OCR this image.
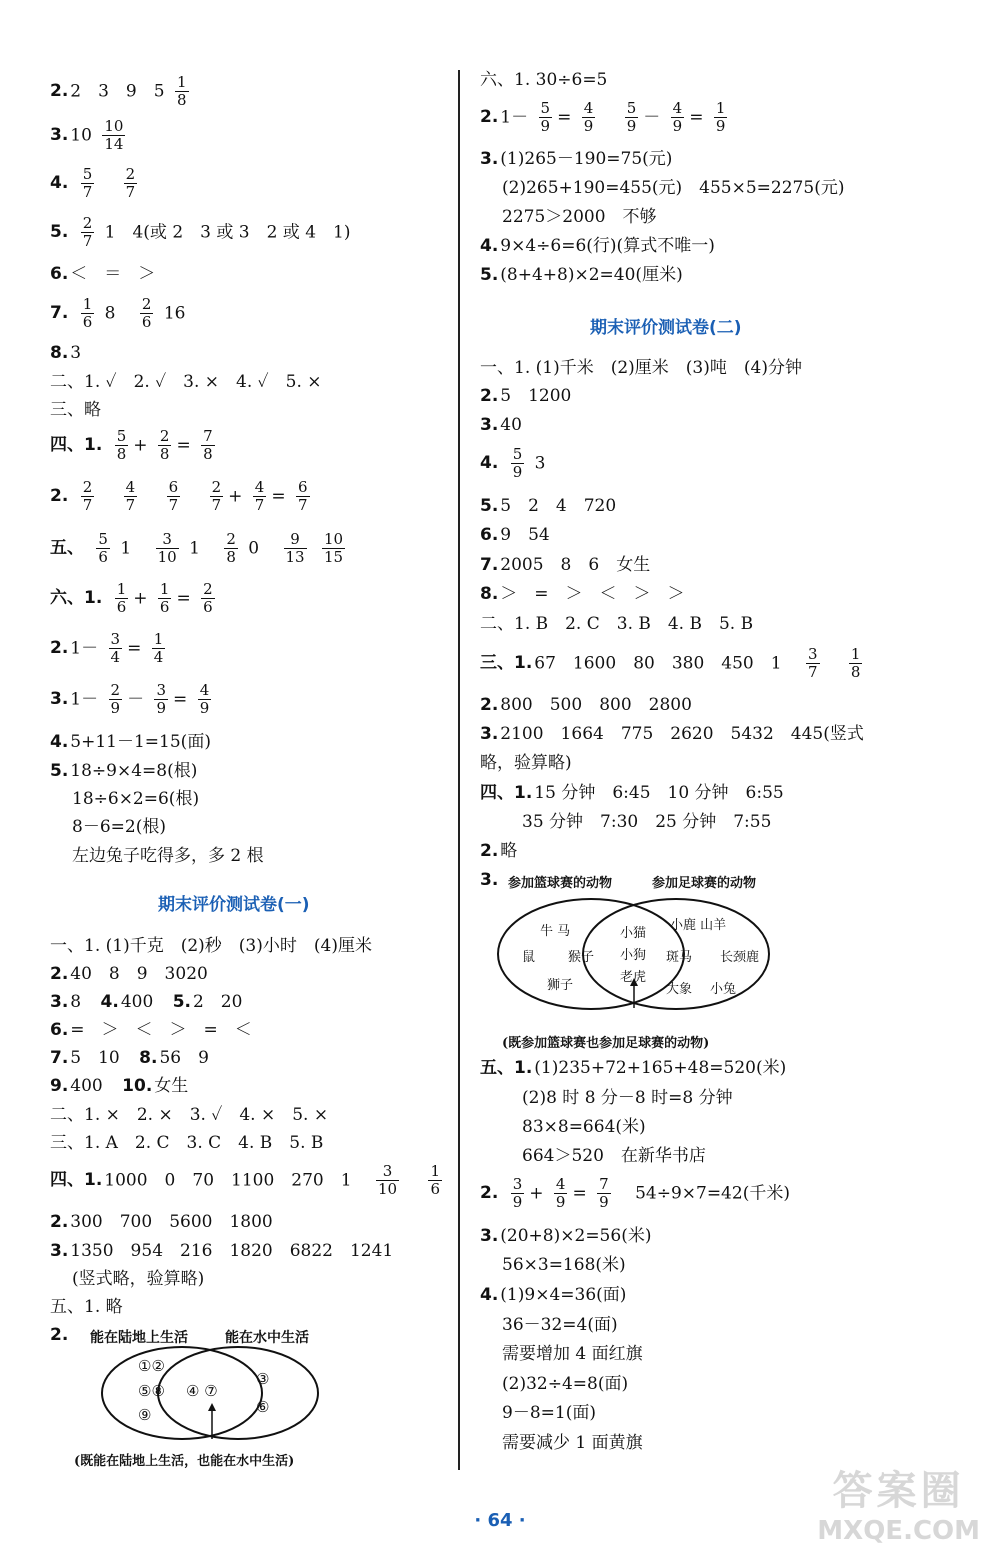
2. 2　3　9　$5 \frac{1}{8}$
3. $10 \frac{10}{14}$
4. $\frac{5}{7}$
$\frac{2}{7}$
5. $\frac{2}{7} 1$　4(或 2　3 或 3　2 或 4　1)
6. ＜　＝　＞
7. $\frac{1}{6} 8 \frac{2}{6} 16$
8. 3
二、1. ✓　2. ✓　3. ×　4. ✓　5. ×
三、略
四、1. $\frac{5}{8} + \frac{2}{8} = \frac{7}{8}$
2. $\frac{2}{7}$
$\frac{4}{7}$
$\frac{6}{7}$
$\frac{2}{7} + \frac{4}{7} = \frac{6}{7}$
五、 $\frac{5}{6} 1 \frac{3}{10} 1 \frac{2}{8} 0 \frac{9}{13}$
$\frac{10}{15}$
六、1. $\frac{1}{6} + \frac{1}{6} = \frac{2}{6}$
2. $1- \frac{3}{4} = \frac{1}{4}$
3. $1- \frac{2}{9} - \frac{3}{9} = \frac{4}{9}$
4. 5+11－1=15(面)
5. 18÷9×4=8(根)
18÷6×2=6(根)
8－6=2(根)
左边兔子吃得多，多 2 根
期末评价测试卷(一)
一、1. (1)千克　(2)秒　(3)小时　(4)厘米
2. 40　8　9　3020
3. 8 4. 400 5. 2　20
6. =　＞　＜　＞　=　＜
7. 5　10 8. 56　9
9. 400 10. 女生
二、1. ×　2. ×　3. ✓　4. ×　5. ×
三、1. A　2. C　3. C　4. B　5. B
四、1. 1000　0　70　1100　270　$1 \frac{3}{10}$
$\frac{1}{6}$
2. 300　700　5600　1800
3. 1350　954　216　1820　6822　1241
(竖式略，验算略)
五、1. 略
2. 能在陆地上生活	能在水中生活
①②
⑤⑧
⑨
④ ⑦
③
⑥
(既能在陆地上生活，也能在水中生活)
六、1. 30÷6=5
2. $1- \frac{5}{9} = \frac{4}{9}$
$\frac{5}{9} - \frac{4}{9} = \frac{1}{9}$
3. (1)265－190=75(元)
(2)265+190=455(元)　455×5=2275(元)
2275＞2000　不够
4. 9×4÷6=6(行)(算式不唯一)
5. (8+4+8)×2=40(厘米)
期末评价测试卷(二)
一、1. (1)千米　(2)厘米　(3)吨　(4)分钟
2. 5　1200
3. 40
4. $\frac{5}{9} 3$
5. 5　2　4　720
6. 9　54
7. 2005　8　6　女生
8. ＞　=　＞　＜　＞　＞
二、1. B　2. C　3. B　4. B　5. B
三、1. 67　1600　80　380　450　$1 \frac{3}{7}$
$\frac{1}{8}$
2. 800　500　800　2800
3. 2100　1664　775　2620　5432　445(竖式
略，验算略)
四、1. 15 分钟　6:45　10 分钟　6:55
35 分钟　7:30　25 分钟　7:55
2. 略
3. 参加篮球赛的动物	参加足球赛的动物
牛 马
鼠	猴子
狮子
小猫
小狗
老虎
小鹿 山羊
斑马 长颈鹿
大象 小兔
(既参加篮球赛也参加足球赛的动物)
五、1. (1)235+72+165+48=520(米)
(2)8 时 8 分－8 时=8 分钟
83×8=664(米)
664＞520　在新华书店
2. $\frac{3}{9} + \frac{4}{9} = \frac{7}{9} 54\div 9\times 7=42$(千米)
3. (20+8)×2=56(米)
56×3=168(米)
4. (1)9×4=36(面)
36－32=4(面)
需要增加 4 面红旗
(2)32÷4=8(面)
9－8=1(面)
需要减少 1 面黄旗
· 64 ·
答案圈
MXQE.COM
